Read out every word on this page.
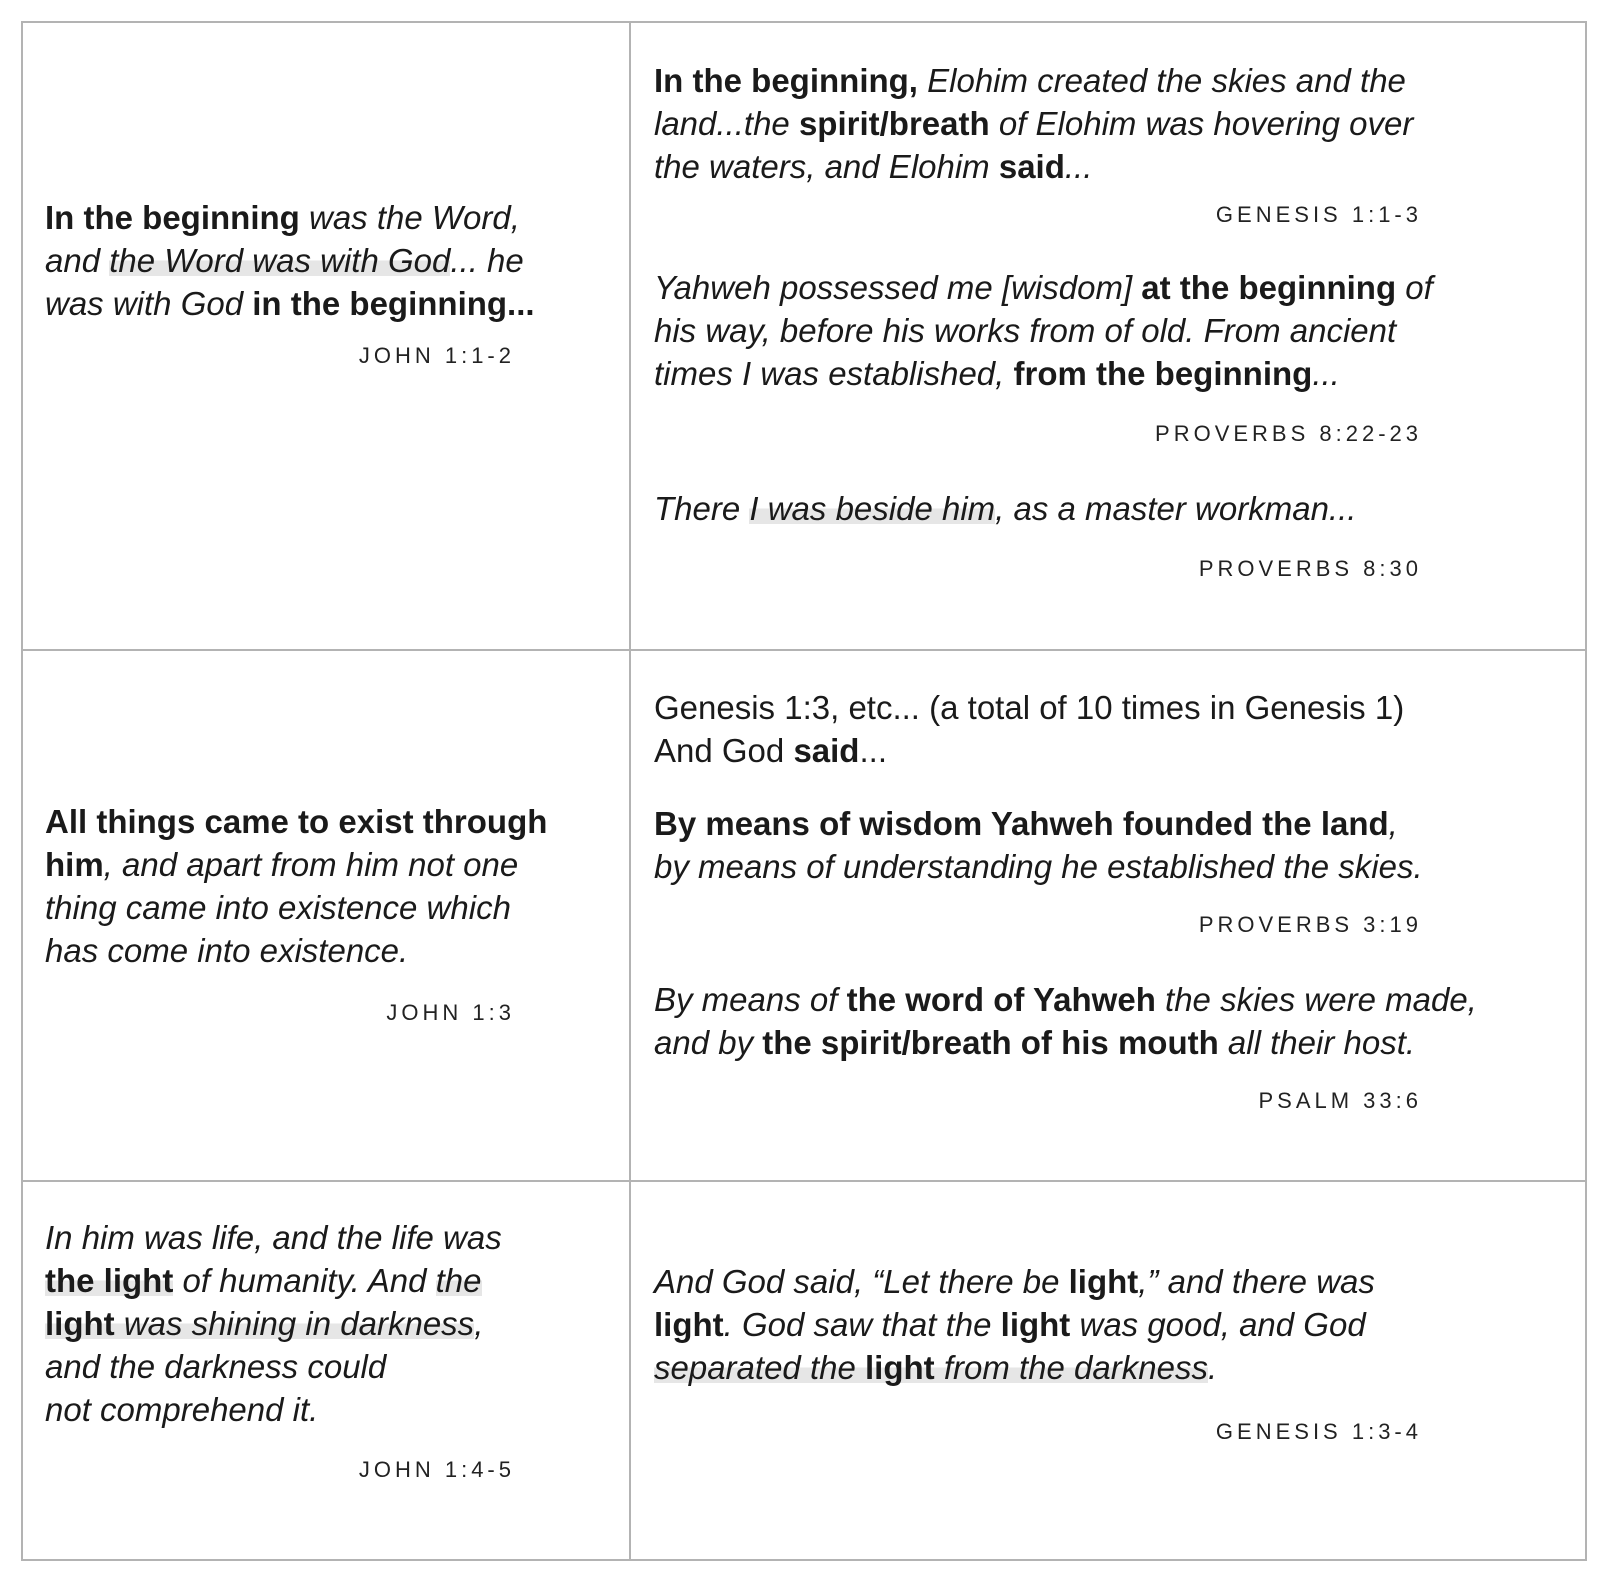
In the beginning was the Word,
and the Word was with God... he
was with God in the beginning...

JOHN 1:1-2

In the beginning, Elohim created the skies and the
land...the spirit/breath of Elohim was hovering over
the waters, and Elohim said...

GENESIS 1:1-3

Yahweh possessed me [wisdom] at the beginning of
his way, before his works from of old. From ancient
times I was established, from the beginning...

PROVERBS 8:22-23

There I was beside him, as a master workman...

PROVERBS 8:30

All things came to exist through
him, and apart from him not one
thing came into existence which
has come into existence.

JOHN 1:3

Genesis 1:3, etc... (a total of 10 times in Genesis 1)
And God said...

By means of wisdom Yahweh founded the land,
by means of understanding he established the skies.

PROVERBS 3:19

By means of the word of Yahweh the skies were made,
and by the spirit/breath of his mouth all their host.

PSALM 33:6

In him was life, and the life was
the light of humanity. And the
light was shining in darkness,
and the darkness could
not comprehend it.

JOHN 1:4-5

And God said, “Let there be light,” and there was
light. God saw that the light was good, and God
separated the light from the darkness.

GENESIS 1:3-4
